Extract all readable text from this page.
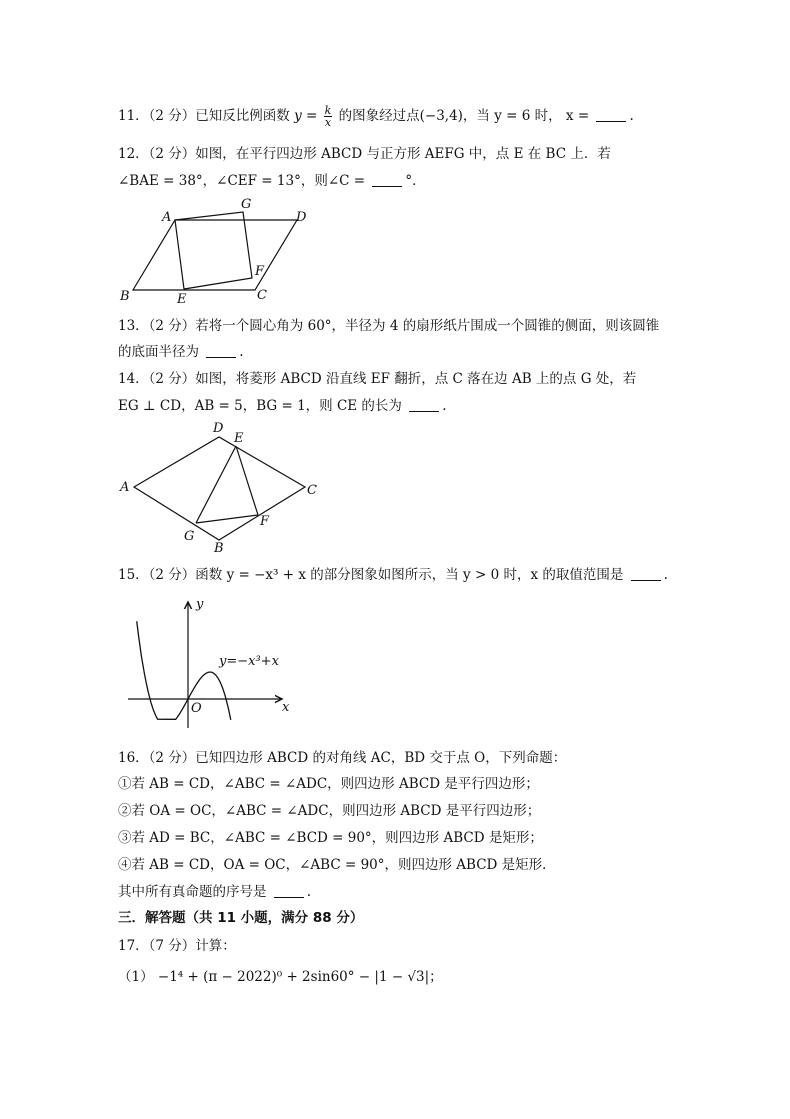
11．（2 分）已知反比例函数 $y = \frac{k}{x}$ 的图象经过点(−3,4)，当 y = 6 时， x =	.
12．（2 分）如图，在平行四边形 ABCD 与正方形 AEFG 中，点 E 在 BC 上．若
∠BAE = 38°，∠CEF = 13°，则∠C =	°．
A
G
D
B	E	C
F
13．（2 分）若将一个圆心角为 60°，半径为 4 的扇形纸片围成一个圆锥的侧面，则该圆锥
的底面半径为	.
14．（2 分）如图，将菱形 ABCD 沿直线 EF 翻折，点 C 落在边 AB 上的点 G 处，若
EG ⊥ CD，AB = 5，BG = 1，则 CE 的长为	.
D
E
A	C
F
G
B
15．（2 分）函数 y = −x³ + x 的部分图象如图所示，当 y > 0 时，x 的取值范围是	.
x
y
O
y=−x³+x
16．（2 分）已知四边形 ABCD 的对角线 AC，BD 交于点 O，下列命题：
①若 AB = CD，∠ABC = ∠ADC，则四边形 ABCD 是平行四边形；
②若 OA = OC，∠ABC = ∠ADC，则四边形 ABCD 是平行四边形；
③若 AD = BC，∠ABC = ∠BCD = 90°，则四边形 ABCD 是矩形；
④若 AB = CD，OA = OC，∠ABC = 90°，则四边形 ABCD 是矩形．
其中所有真命题的序号是	.
三．解答题（共 11 小题，满分 88 分）
17．（7 分）计算：
（1） −1⁴ + (π − 2022)⁰ + 2sin60° − |1 − √3|；
